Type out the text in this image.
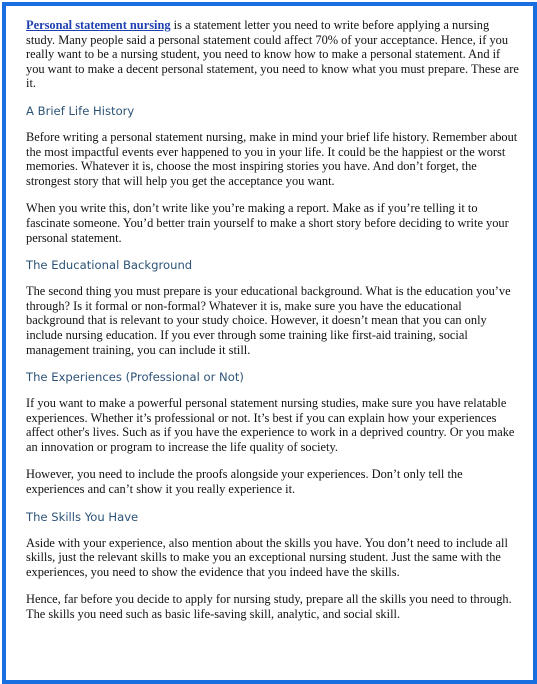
Personal statement nursing is a statement letter you need to write before applying a nursing study. Many people said a personal statement could affect 70% of your acceptance. Hence, if you really want to be a nursing student, you need to know how to make a personal statement. And if you want to make a decent personal statement, you need to know what you must prepare. These are it.

A Brief Life History

Before writing a personal statement nursing, make in mind your brief life history. Remember about the most impactful events ever happened to you in your life. It could be the happiest or the worst memories. Whatever it is, choose the most inspiring stories you have. And don’t forget, the strongest story that will help you get the acceptance you want.

When you write this, don’t write like you’re making a report. Make as if you’re telling it to fascinate someone. You’d better train yourself to make a short story before deciding to write your personal statement.

The Educational Background

The second thing you must prepare is your educational background. What is the education you’ve through? Is it formal or non-formal? Whatever it is, make sure you have the educational background that is relevant to your study choice. However, it doesn’t mean that you can only include nursing education. If you ever through some training like first-aid training, social management training, you can include it still.

The Experiences (Professional or Not)

If you want to make a powerful personal statement nursing studies, make sure you have relatable experiences. Whether it’s professional or not. It’s best if you can explain how your experiences affect other's lives. Such as if you have the experience to work in a deprived country. Or you make an innovation or program to increase the life quality of society.

However, you need to include the proofs alongside your experiences. Don’t only tell the experiences and can’t show it you really experience it.

The Skills You Have

Aside with your experience, also mention about the skills you have. You don’t need to include all skills, just the relevant skills to make you an exceptional nursing student. Just the same with the experiences, you need to show the evidence that you indeed have the skills.

Hence, far before you decide to apply for nursing study, prepare all the skills you need to through. The skills you need such as basic life-saving skill, analytic, and social skill.
